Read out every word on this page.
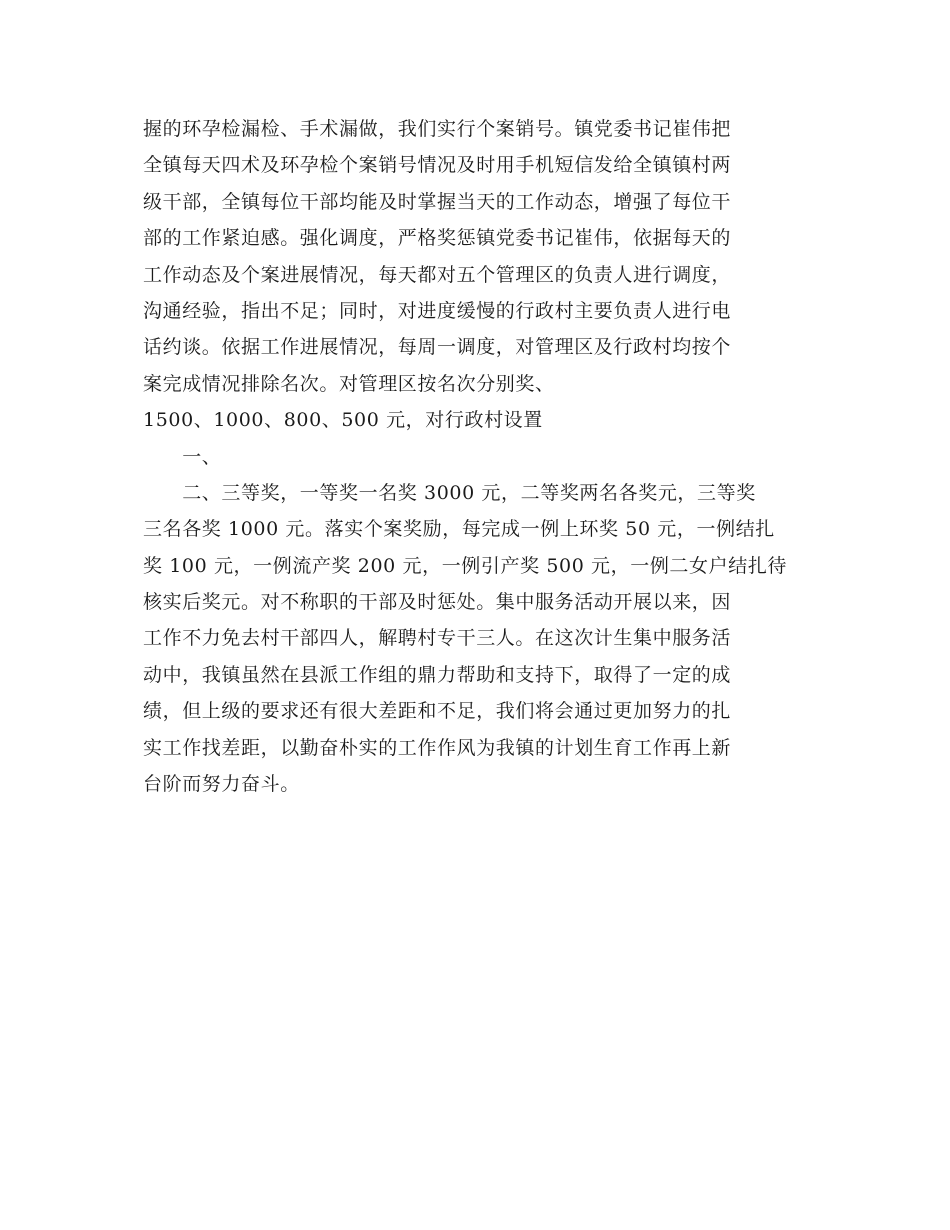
握的环孕检漏检、手术漏做，我们实行个案销号。镇党委书记崔伟把
全镇每天四术及环孕检个案销号情况及时用手机短信发给全镇镇村两
级干部，全镇每位干部均能及时掌握当天的工作动态，增强了每位干
部的工作紧迫感。强化调度，严格奖惩镇党委书记崔伟，依据每天的
工作动态及个案进展情况，每天都对五个管理区的负责人进行调度，
沟通经验，指出不足；同时，对进度缓慢的行政村主要负责人进行电
话约谈。依据工作进展情况，每周一调度，对管理区及行政村均按个
案完成情况排除名次。对管理区按名次分别奖、
1500、1000、800、500 元，对行政村设置
　　一、
　　二、三等奖，一等奖一名奖 3000 元，二等奖两名各奖元，三等奖
三名各奖 1000 元。落实个案奖励，每完成一例上环奖 50 元，一例结扎
奖 100 元，一例流产奖 200 元，一例引产奖 500 元，一例二女户结扎待
核实后奖元。对不称职的干部及时惩处。集中服务活动开展以来，因
工作不力免去村干部四人，解聘村专干三人。在这次计生集中服务活
动中，我镇虽然在县派工作组的鼎力帮助和支持下，取得了一定的成
绩，但上级的要求还有很大差距和不足，我们将会通过更加努力的扎
实工作找差距，以勤奋朴实的工作作风为我镇的计划生育工作再上新
台阶而努力奋斗。
